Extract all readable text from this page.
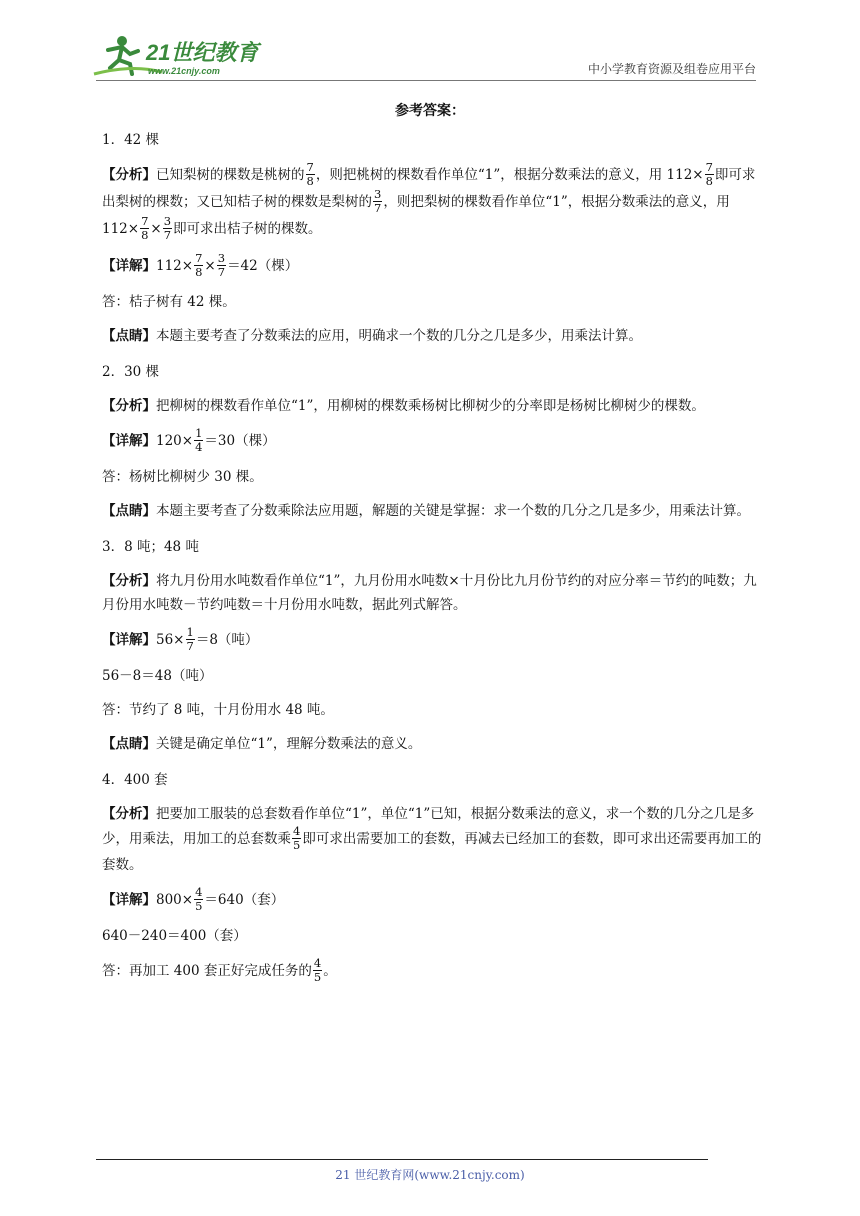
21世纪教育
www.21cnjy.com	中小学教育资源及组卷应用平台
参考答案：

1．42 棵

【分析】已知梨树的棵数是桃树的 $\frac{7}{8}$ ，则把桃树的棵数看作单位“1”，根据分数乘法的意义，用 $112\times \frac{7}{8}$ 即可求出梨树的棵数；又已知桔子树的棵数是梨树的 $\frac{3}{7}$ ，则把梨树的棵数看作单位“1”，根据分数乘法的意义，用 $112\times \frac{7}{8} \times \frac{3}{7}$ 即可求出桔子树的棵数。

【详解】$112\times \frac{7}{8} \times \frac{3}{7} =42$（棵）

答：桔子树有 42 棵。

【点睛】本题主要考查了分数乘法的应用，明确求一个数的几分之几是多少，用乘法计算。

2．30 棵

【分析】把柳树的棵数看作单位“1”，用柳树的棵数乘杨树比柳树少的分率即是杨树比柳树少的棵数。

【详解】$120\times \frac{1}{4} =30$（棵）

答：杨树比柳树少 30 棵。

【点睛】本题主要考查了分数乘除法应用题，解题的关键是掌握：求一个数的几分之几是多少，用乘法计算。

3．8 吨；48 吨

【分析】将九月份用水吨数看作单位“1”，九月份用水吨数×十月份比九月份节约的对应分率＝节约的吨数；九月份用水吨数－节约吨数＝十月份用水吨数，据此列式解答。

【详解】$56\times \frac{1}{7} =8$（吨）

56－8＝48（吨）

答：节约了 8 吨，十月份用水 48 吨。

【点睛】关键是确定单位“1”，理解分数乘法的意义。

4．400 套

【分析】把要加工服装的总套数看作单位“1”，单位“1”已知，根据分数乘法的意义，求一个数的几分之几是多少，用乘法，用加工的总套数乘 $\frac{4}{5}$ 即可求出需要加工的套数，再减去已经加工的套数，即可求出还需要再加工的套数。

【详解】$800\times \frac{4}{5} =640$（套）

640－240＝400（套）

答：再加工 400 套正好完成任务的 $\frac{4}{5}$ 。

21 世纪教育网(www.21cnjy.com)
